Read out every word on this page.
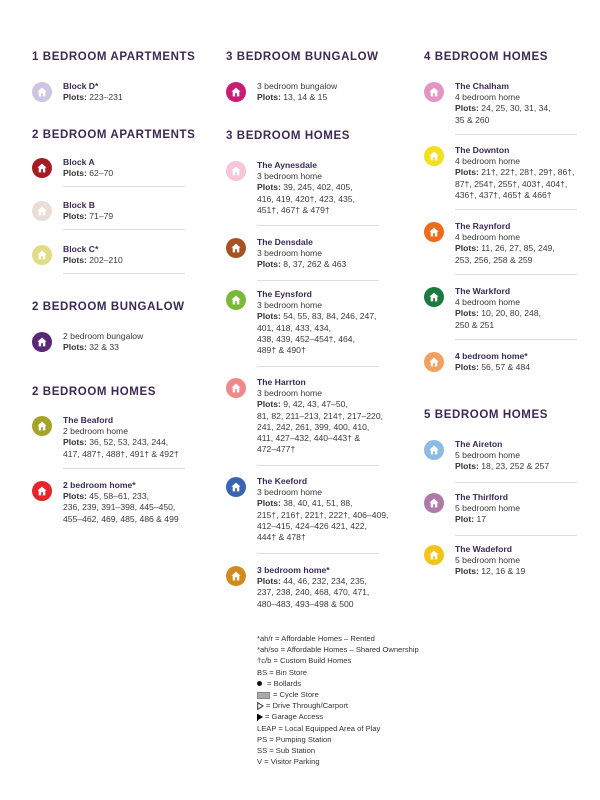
1 BEDROOM APARTMENTS
Block D*
Plots: 223–231
2 BEDROOM APARTMENTS
Block A
Plots: 62–70
Block B
Plots: 71–79
Block C*
Plots: 202–210
2 BEDROOM BUNGALOW
2 bedroom bungalow
Plots: 32 & 33
2 BEDROOM HOMES
The Beaford
2 bedroom home
Plots: 36, 52, 53, 243, 244,
417, 487†, 488†, 491† & 492†
2 bedroom home*
Plots: 45, 58–61, 233,
236, 239, 391–398, 445–450,
455–462, 469, 485, 486 & 499
3 BEDROOM BUNGALOW
3 bedroom bungalow
Plots: 13, 14 & 15
3 BEDROOM HOMES
The Aynesdale
3 bedroom home
Plots: 39, 245, 402, 405,
416, 419, 420†, 423, 435,
451†, 467† & 479†
The Densdale
3 bedroom home
Plots: 8, 37, 262 & 463
The Eynsford
3 bedroom home
Plots: 54, 55, 83, 84, 246, 247,
401, 418, 433, 434,
438, 439, 452–454†, 464,
489† & 490†
The Harrton
3 bedroom home
Plots: 9, 42, 43, 47–50,
81, 82, 211–213, 214†, 217–220,
241, 242, 261, 399, 400, 410,
411, 427–432, 440–443† &
472–477†
The Keeford
3 bedroom home
Plots: 38, 40, 41, 51, 88,
215†, 216†, 221†, 222†, 406–409,
412–415, 424–426 421, 422,
444† & 478†
3 bedroom home*
Plots: 44, 46, 232, 234, 235,
237, 238, 240, 468, 470, 471,
480–483, 493–498 & 500
4 BEDROOM HOMES
The Chalham
4 bedroom home
Plots: 24, 25, 30, 31, 34,
35 & 260
The Downton
4 bedroom home
Plots: 21†, 22†, 28†, 29†, 86†,
87†, 254†, 255†, 403†, 404†,
436†, 437†, 465† & 466†
The Raynford
4 bedroom home
Plots: 11, 26, 27, 85, 249,
253, 256, 258 & 259
The Warkford
4 bedroom home
Plots: 10, 20, 80, 248,
250 & 251
4 bedroom home*
Plots: 56, 57 & 484
5 BEDROOM HOMES
The Aireton
5 bedroom home
Plots: 18, 23, 252 & 257
The Thirlford
5 bedroom home
Plot: 17
The Wadeford
5 bedroom home
Plots: 12, 16 & 19
*ah/r = Affordable Homes – Rented
*ah/so = Affordable Homes – Shared Ownership
†c/b = Custom Build Homes
BS = Bin Store
= Bollards
= Cycle Store
= Drive Through/Carport
= Garage Access
LEAP = Local Equipped Area of Play
PS = Pumping Station
SS = Sub Station
V = Visitor Parking
